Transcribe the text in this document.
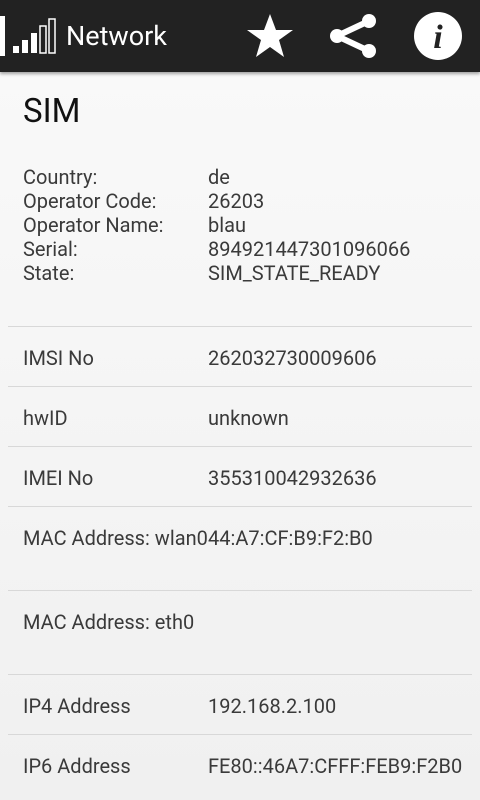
Network	i
SIM
Country:	de
Operator Code:	26203
Operator Name:	blau
Serial:	894921447301096066
State:	SIM_STATE_READY
IMSI No	262032730009606
hwID	unknown
IMEI No	355310042932636
MAC Address: wlan0 44:A7:CF:B9:F2:B0
MAC Address: eth0
IP4 Address	192.168.2.100
IP6 Address	FE80::46A7:CFFF:FEB9:F2B0
